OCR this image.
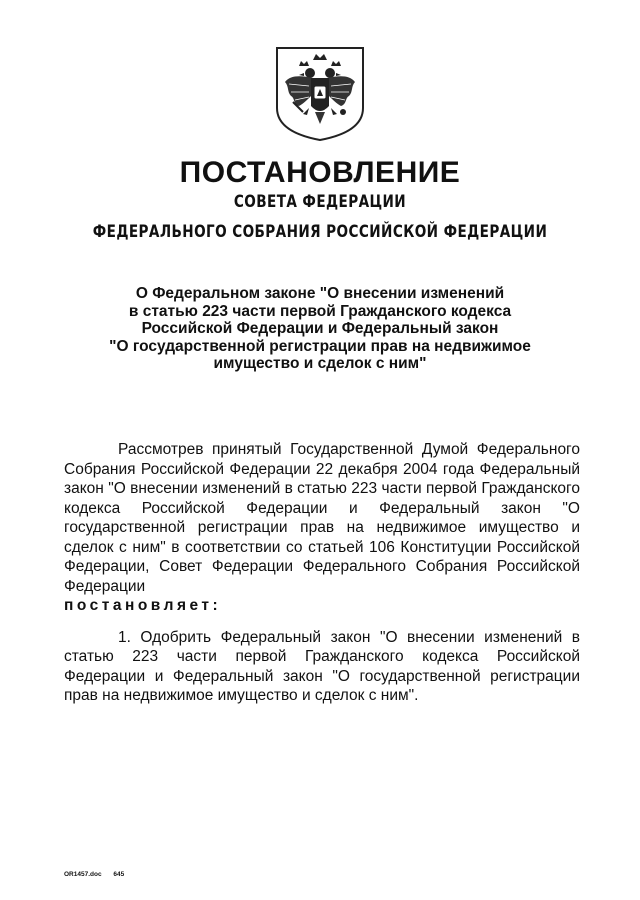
ПОСТАНОВЛЕНИЕ
СОВЕТА ФЕДЕРАЦИИ
ФЕДЕРАЛЬНОГО СОБРАНИЯ РОССИЙСКОЙ ФЕДЕРАЦИИ
О Федеральном законе "О внесении изменений
в статью 223 части первой Гражданского кодекса
Российской Федерации и Федеральный закон
"О государственной регистрации прав на недвижимое
имущество и сделок с ним"

Рассмотрев принятый Государственной Думой Федерального Собрания Российской Федерации 22 декабря 2004 года Федеральный закон "О внесении изменений в статью 223 части первой Гражданского кодекса Российской Федерации и Федеральный закон "О государственной регистрации прав на недвижимое имущество и сделок с ним" в соответствии со статьей 106 Конституции Российской Федерации, Совет Федерации Федерального Собрания Российской Федерации

постановляет:

1. Одобрить Федеральный закон "О внесении изменений в статью 223 части первой Гражданского кодекса Российской Федерации и Федеральный закон "О государственной регистрации прав на недвижимое имущество и сделок с ним".

OR1457.doc 645
